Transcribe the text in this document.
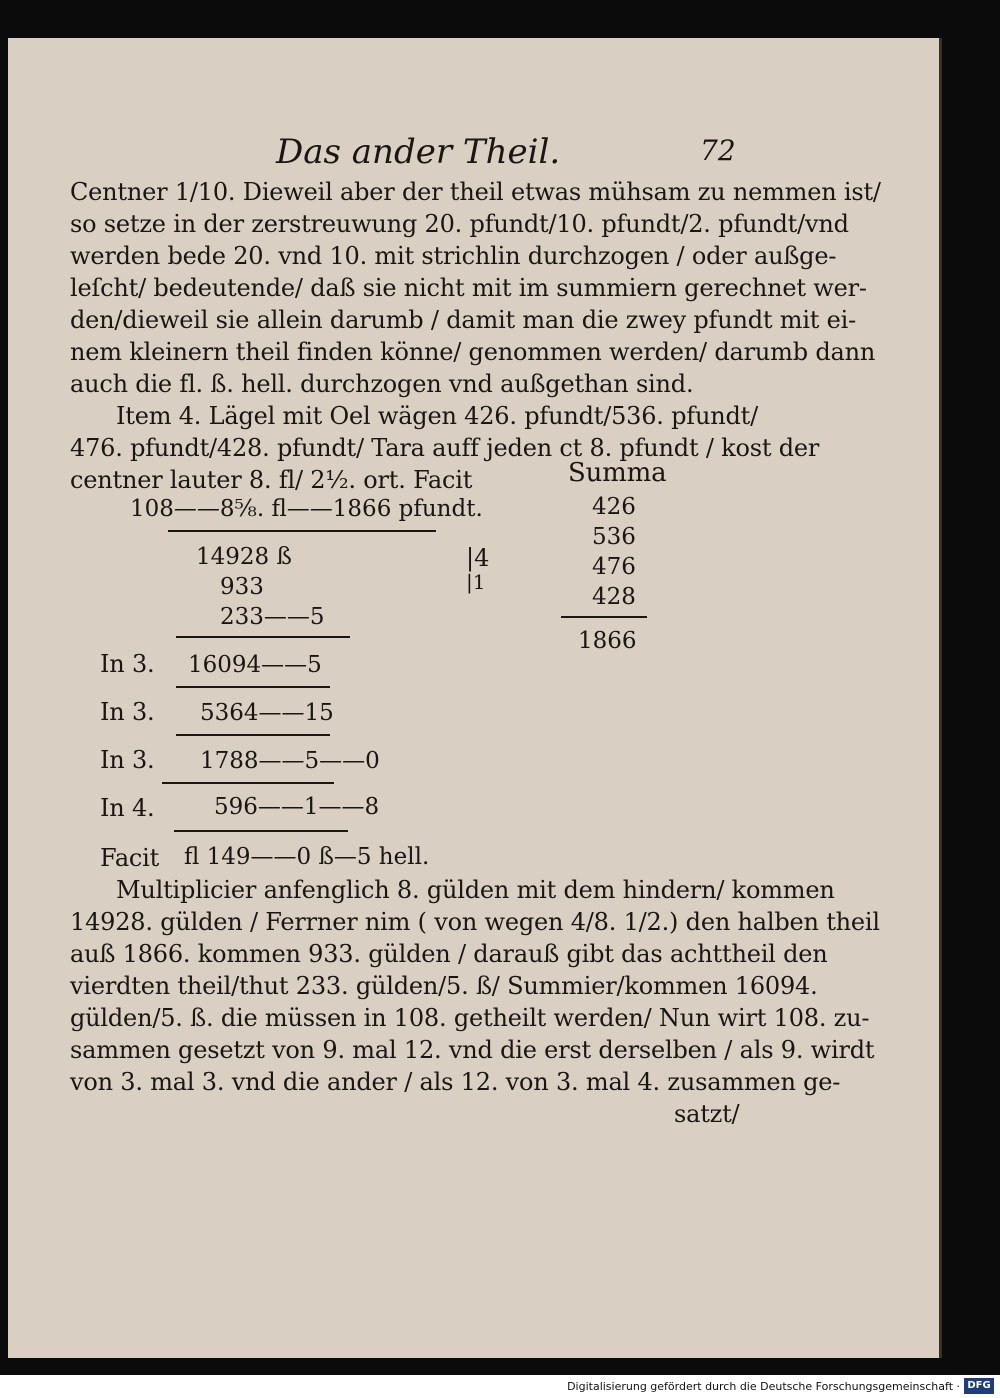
Das ander Theil.	72
Centner 1/10. Dieweil aber der theil etwas mühsam zu nemmen ist/
so setze in der zerstreuwung 20. pfundt/10. pfundt/2. pfundt/vnd
werden bede 20. vnd 10. mit strichlin durchzogen / oder außge-
leſcht/ bedeutende/ daß sie nicht mit im summiern gerechnet wer-
den/dieweil sie allein darumb / damit man die zwey pfundt mit ei-
nem kleinern theil finden könne/ genommen werden/ darumb dann
auch die fl. ß. hell. durchzogen vnd außgethan sind.
Item 4. Lägel mit Oel wägen 426. pfundt/536. pfundt/
476. pfundt/428. pfundt/ Tara auff jeden ct 8. pfundt / kost der
centner lauter 8. fl/ 2½. ort. Facit	Summa
426
536
476
428
1866
108——8⅝. fl——1866 pfundt.
14928 ß
933
233——5
|4
|1
In 3. 16094——5
In 3. 5364——15
In 3. 1788——5——0
In 4.	596——1——8
Facit fl 149——0 ß—5 hell.
Multiplicier anfenglich 8. gülden mit dem hindern/ kommen
14928. gülden / Ferrner nim ( von wegen 4/8. 1/2.) den halben theil
auß 1866. kommen 933. gülden / darauß gibt das achttheil den
vierdten theil/thut 233. gülden/5. ß/ Summier/kommen 16094.
gülden/5. ß. die müssen in 108. getheilt werden/ Nun wirt 108. zu-
sammen gesetzt von 9. mal 12. vnd die erst derselben / als 9. wirdt
von 3. mal 3. vnd die ander / als 12. von 3. mal 4. zusammen ge-
satzt/
Digitalisierung gefördert durch die Deutsche Forschungsgemeinschaft · DFG
